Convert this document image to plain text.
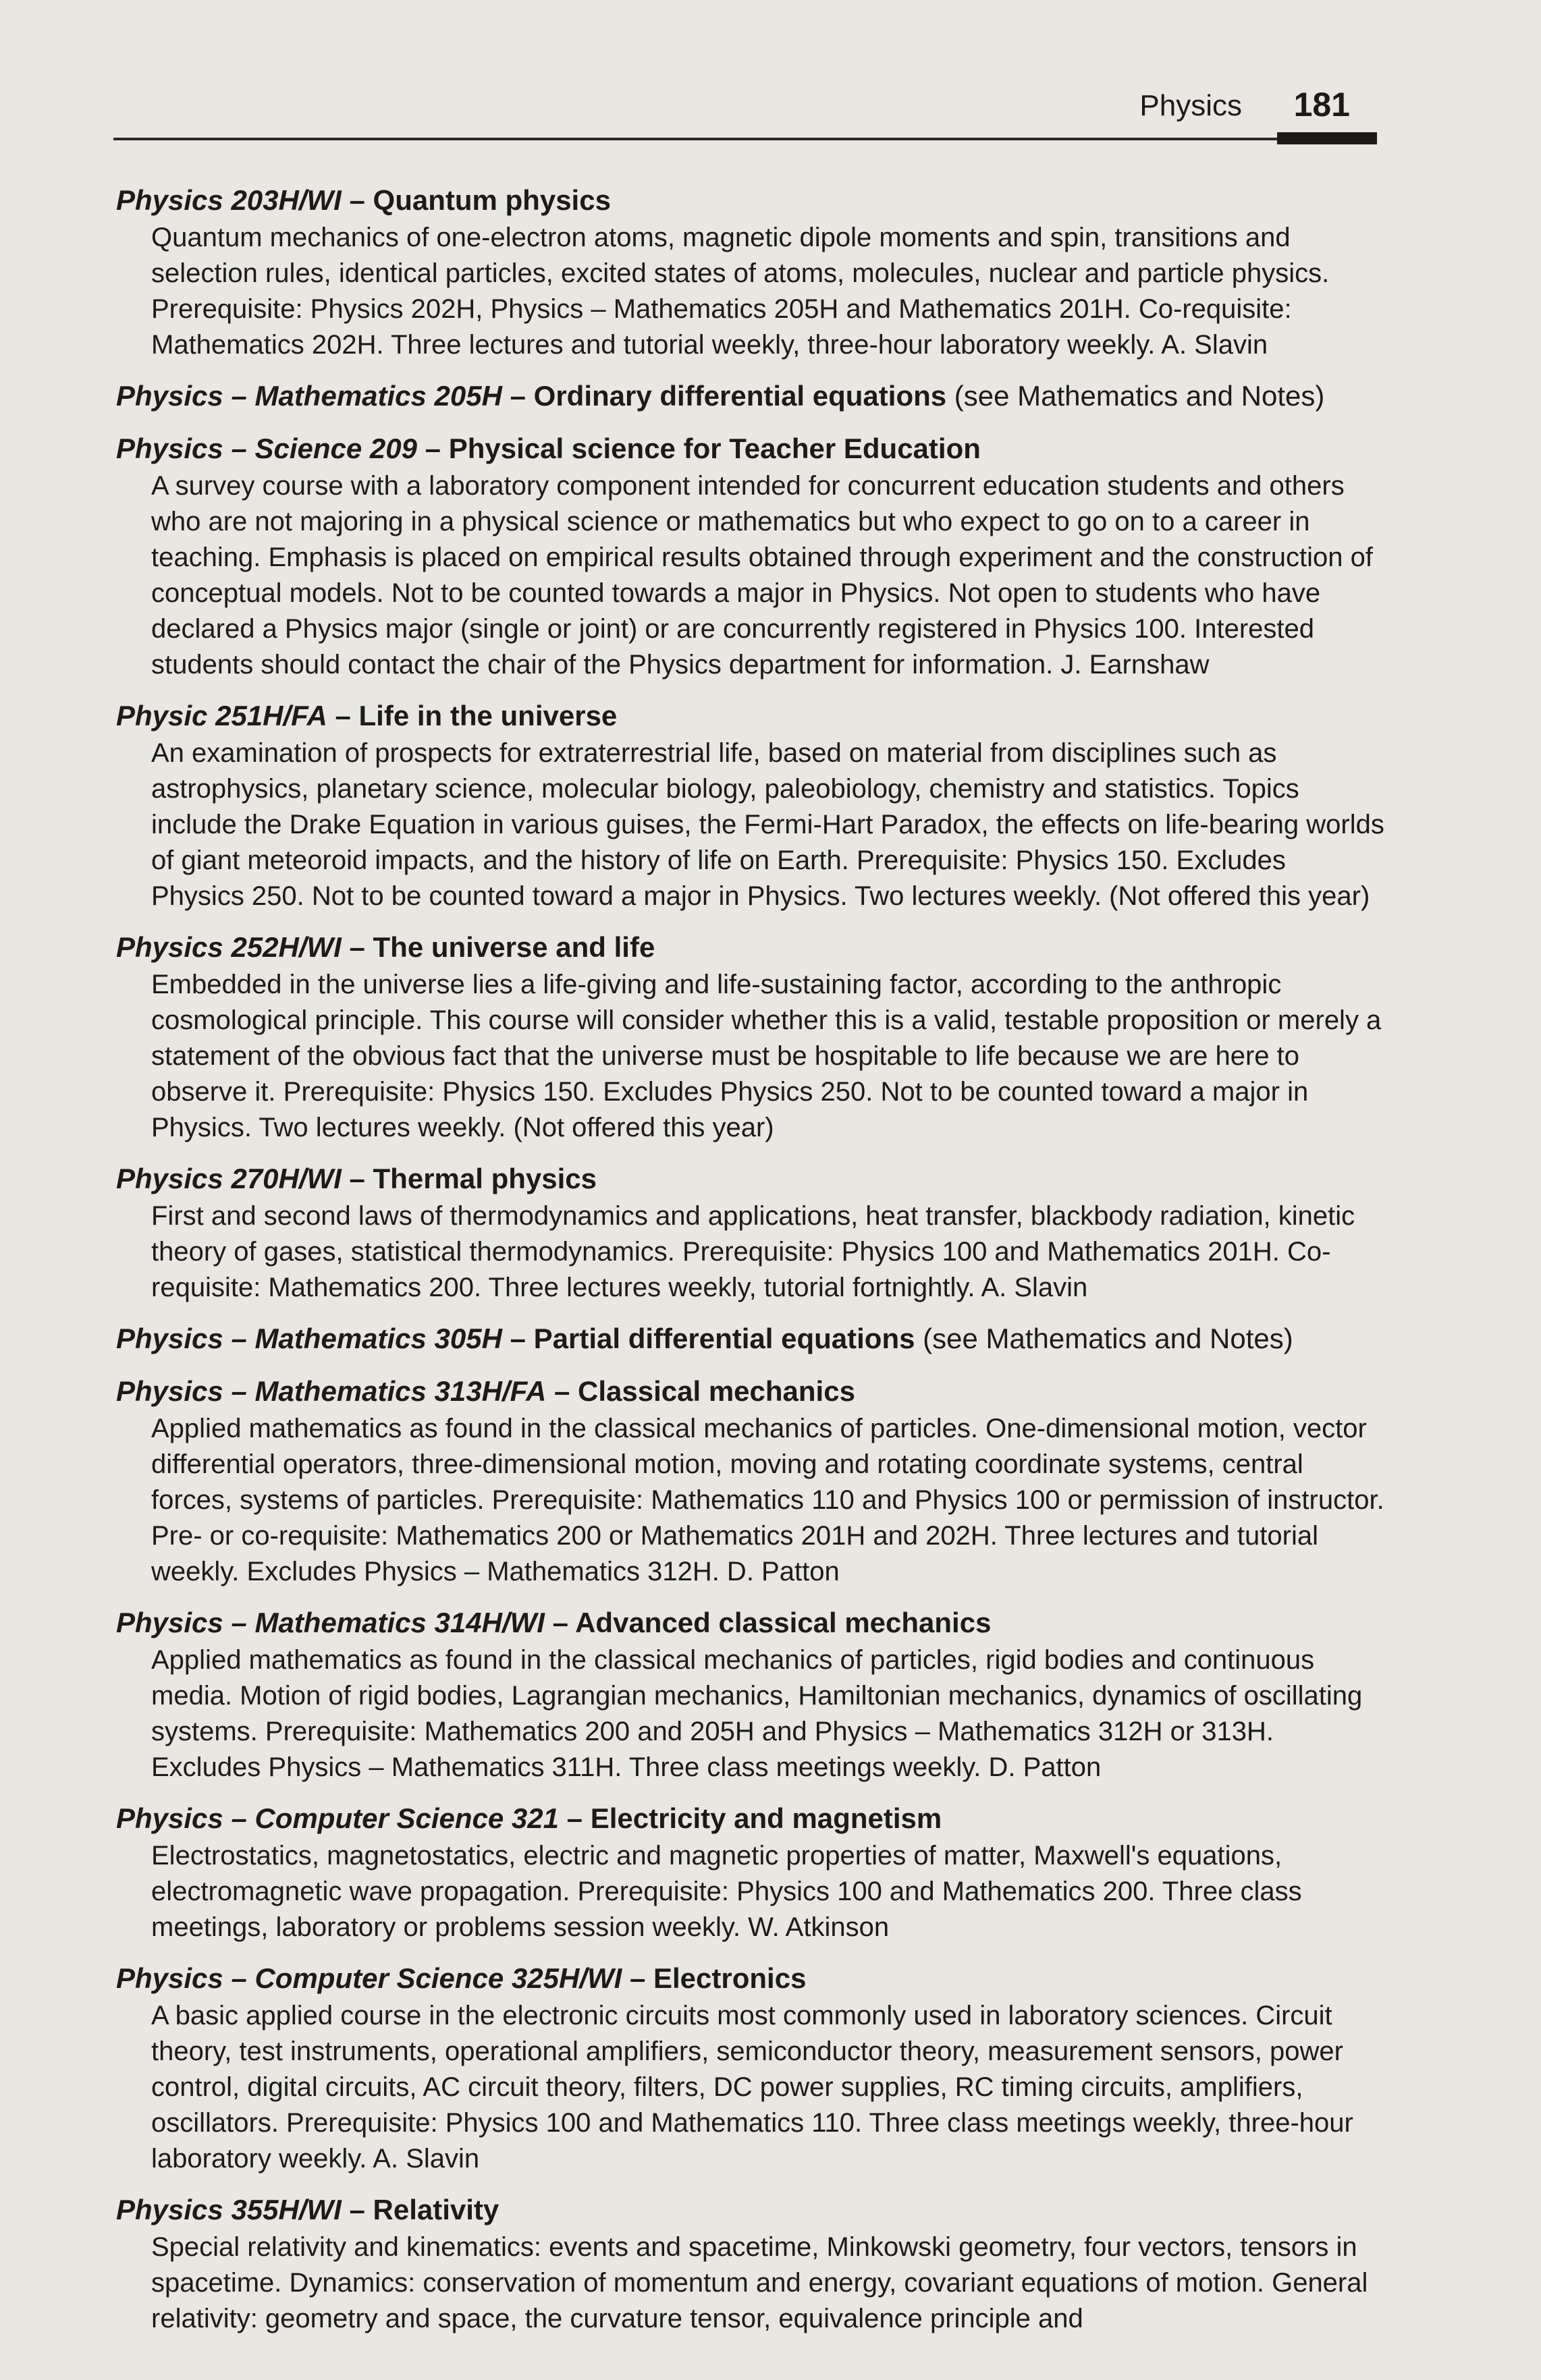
Physics 181

Physics 203H/WI – Quantum physics

Quantum mechanics of one-electron atoms, magnetic dipole moments and spin, transitions and selection rules, identical particles, excited states of atoms, molecules, nuclear and particle physics. Prerequisite: Physics 202H, Physics – Mathematics 205H and Mathematics 201H. Co-requisite: Mathematics 202H. Three lectures and tutorial weekly, three-hour laboratory weekly. A. Slavin

Physics – Mathematics 205H – Ordinary differential equations (see Mathematics and Notes)

Physics – Science 209 – Physical science for Teacher Education

A survey course with a laboratory component intended for concurrent education students and others who are not majoring in a physical science or mathematics but who expect to go on to a career in teaching. Emphasis is placed on empirical results obtained through experiment and the construction of conceptual models. Not to be counted towards a major in Physics. Not open to students who have declared a Physics major (single or joint) or are concurrently registered in Physics 100. Interested students should contact the chair of the Physics department for information. J. Earnshaw

Physic 251H/FA – Life in the universe

An examination of prospects for extraterrestrial life, based on material from disciplines such as astrophysics, planetary science, molecular biology, paleobiology, chemistry and statistics. Topics include the Drake Equation in various guises, the Fermi-Hart Paradox, the effects on life-bearing worlds of giant meteoroid impacts, and the history of life on Earth. Prerequisite: Physics 150. Excludes Physics 250. Not to be counted toward a major in Physics. Two lectures weekly. (Not offered this year)

Physics 252H/WI – The universe and life

Embedded in the universe lies a life-giving and life-sustaining factor, according to the anthropic cosmological principle. This course will consider whether this is a valid, testable proposition or merely a statement of the obvious fact that the universe must be hospitable to life because we are here to observe it. Prerequisite: Physics 150. Excludes Physics 250. Not to be counted toward a major in Physics. Two lectures weekly. (Not offered this year)

Physics 270H/WI – Thermal physics

First and second laws of thermodynamics and applications, heat transfer, blackbody radiation, kinetic theory of gases, statistical thermodynamics. Prerequisite: Physics 100 and Mathematics 201H. Co-requisite: Mathematics 200. Three lectures weekly, tutorial fortnightly. A. Slavin

Physics – Mathematics 305H – Partial differential equations (see Mathematics and Notes)

Physics – Mathematics 313H/FA – Classical mechanics

Applied mathematics as found in the classical mechanics of particles. One-dimensional motion, vector differential operators, three-dimensional motion, moving and rotating coordinate systems, central forces, systems of particles. Prerequisite: Mathematics 110 and Physics 100 or permission of instructor. Pre- or co-requisite: Mathematics 200 or Mathematics 201H and 202H. Three lectures and tutorial weekly. Excludes Physics – Mathematics 312H. D. Patton

Physics – Mathematics 314H/WI – Advanced classical mechanics

Applied mathematics as found in the classical mechanics of particles, rigid bodies and continuous media. Motion of rigid bodies, Lagrangian mechanics, Hamiltonian mechanics, dynamics of oscillating systems. Prerequisite: Mathematics 200 and 205H and Physics – Mathematics 312H or 313H. Excludes Physics – Mathematics 311H. Three class meetings weekly. D. Patton

Physics – Computer Science 321 – Electricity and magnetism

Electrostatics, magnetostatics, electric and magnetic properties of matter, Maxwell's equations, electromagnetic wave propagation. Prerequisite: Physics 100 and Mathematics 200. Three class meetings, laboratory or problems session weekly. W. Atkinson

Physics – Computer Science 325H/WI – Electronics

A basic applied course in the electronic circuits most commonly used in laboratory sciences. Circuit theory, test instruments, operational amplifiers, semiconductor theory, measurement sensors, power control, digital circuits, AC circuit theory, filters, DC power supplies, RC timing circuits, amplifiers, oscillators. Prerequisite: Physics 100 and Mathematics 110. Three class meetings weekly, three-hour laboratory weekly. A. Slavin

Physics 355H/WI – Relativity

Special relativity and kinematics: events and spacetime, Minkowski geometry, four vectors, tensors in spacetime. Dynamics: conservation of momentum and energy, covariant equations of motion. General relativity: geometry and space, the curvature tensor, equivalence principle and
